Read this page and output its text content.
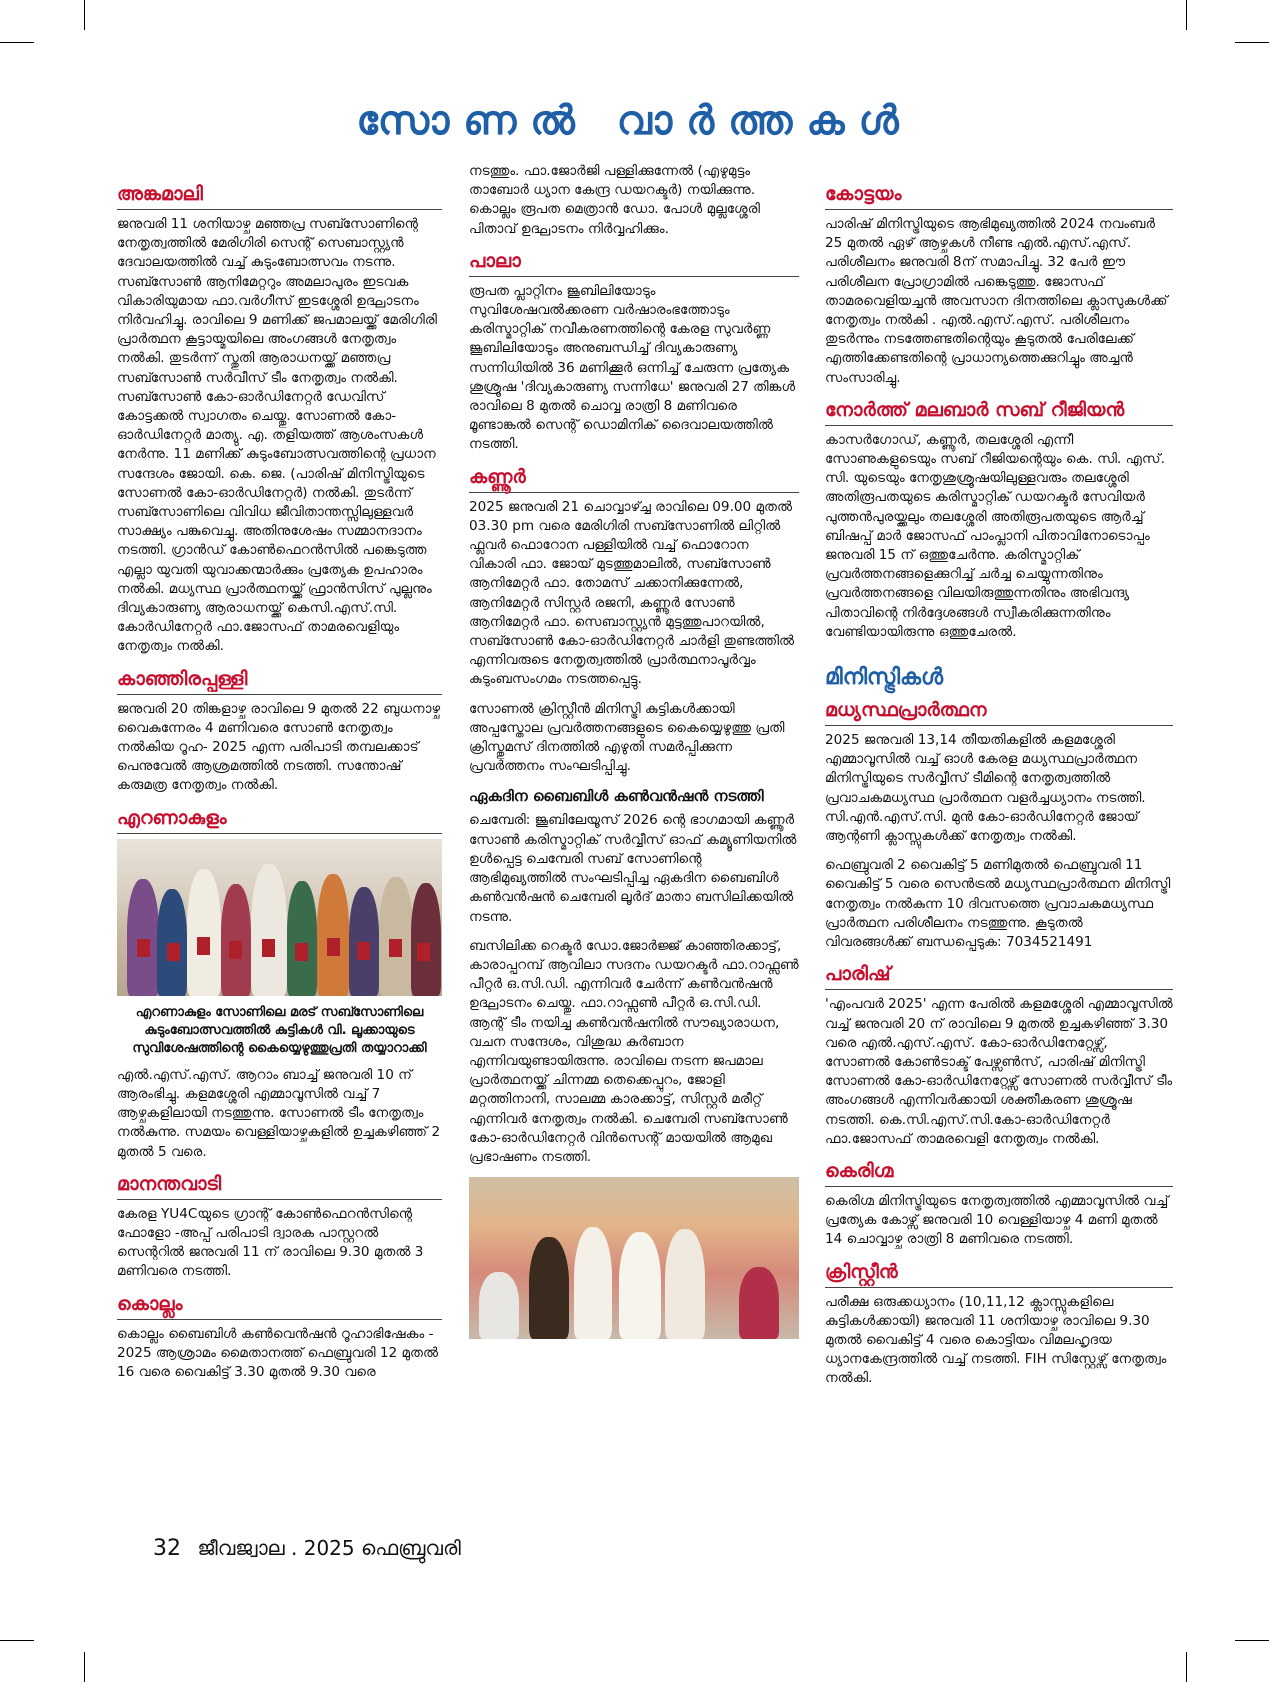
സോണൽ വാർത്തകൾ
അങ്കമാലി

ജനുവരി 11 ശനിയാഴ്ച മഞ്ഞപ്ര സബ്സോണിന്റെ നേതൃത്വത്തിൽ മേരിഗിരി സെന്റ് സെബാസ്റ്റ്യൻ ദേവാലയത്തിൽ വച്ച് കുടുംബോത്സവം നടന്നു. സബ്സോൺ ആനിമേറ്ററും അമലാപുരം ഇടവക വികാരിയുമായ ഫാ.വർഗീസ് ഇടശ്ശേരി ഉദ്ഘാടനം നിർവഹിച്ചു. രാവിലെ 9 മണിക്ക് ജപമാലയ്ക്ക് മേരിഗിരി പ്രാർത്ഥന കൂട്ടായ്മയിലെ അംഗങ്ങൾ നേതൃത്വം നൽകി. തുടർന്ന് സ്തുതി ആരാധനയ്ക്ക് മഞ്ഞപ്ര സബ്സോൺ സർവീസ് ടീം നേതൃത്വം നൽകി. സബ്സോൺ കോ-ഓർഡിനേറ്റർ ഡേവിസ് കോട്ടക്കൽ സ്വാഗതം ചെയ്തു. സോണൽ കോ-ഓർഡിനേറ്റർ മാത്യു. എ. തളിയത്ത് ആശംസകൾ നേർന്നു. 11 മണിക്ക് കുടുംബോത്സവത്തിന്റെ പ്രധാന സന്ദേശം ജോയി. കെ. ജെ. (പാരിഷ് മിനിസ്ട്രിയുടെ സോണൽ കോ-ഓർഡിനേറ്റർ) നൽകി. തുടർന്ന് സബ്സോണിലെ വിവിധ ജീവിതാന്തസ്സിലുള്ളവർ സാക്ഷ്യം പങ്കുവെച്ചു. അതിനുശേഷം സമ്മാനദാനം നടത്തി. ഗ്രാൻഡ് കോൺഫെറൻസിൽ പങ്കെടുത്ത എല്ലാ യുവതി യുവാക്കന്മാർക്കും പ്രത്യേക ഉപഹാരം നൽകി. മധ്യസ്ഥ പ്രാർത്ഥനയ്ക്ക് ഫ്രാൻസിസ് പുല്ലനും ദിവ്യകാരുണ്യ ആരാധനയ്ക്ക് കെസി.എസ്.സി. കോർഡിനേറ്റർ ഫാ.ജോസഫ് താമരവെളിയും നേതൃത്വം നൽകി.

കാഞ്ഞിരപ്പള്ളി

ജനുവരി 20 തിങ്കളാഴ്ച രാവിലെ 9 മുതൽ 22 ബുധനാഴ്ച വൈകുന്നേരം 4 മണിവരെ സോൺ നേതൃത്വം നൽകിയ റൂഹ- 2025 എന്ന പരിപാടി തമ്പലക്കാട് പെനുവേൽ ആശ്രമത്തിൽ നടത്തി. സന്തോഷ് കരുമത്ര നേതൃത്വം നൽകി.

എറണാകുളം
എറണാകുളം സോണിലെ മരട് സബ്സോണിലെ കുടുംബോത്സവത്തിൽ കുട്ടികൾ വി. ലൂക്കായുടെ സുവിശേഷത്തിന്റെ കൈയ്യെഴുത്തുപ്രതി തയ്യാറാക്കി

എൽ.എസ്.എസ്. ആറാം ബാച്ച് ജനുവരി 10 ന് ആരംഭിച്ചു. കളമശ്ശേരി എമ്മാവൂസിൽ വച്ച് 7 ആഴ്ചകളിലായി നടത്തുന്നു. സോണൽ ടീം നേതൃത്വം നൽകുന്നു. സമയം വെള്ളിയാഴ്ചകളിൽ ഉച്ചകഴിഞ്ഞ് 2 മുതൽ 5 വരെ.

മാനന്തവാടി

കേരള YU4Cയുടെ ഗ്രാന്റ് കോൺഫെറൻസിന്റെ ഫോളോ -അപ്പ് പരിപാടി ദ്വാരക പാസ്റ്ററൽ സെന്ററിൽ ജനുവരി 11 ന് രാവിലെ 9.30 മുതൽ 3 മണിവരെ നടത്തി.

കൊല്ലം

കൊല്ലം ബൈബിൾ കൺവെൻഷൻ റൂഹാഭിഷേകം - 2025 ആശ്രാമം മൈതാനത്ത് ഫെബ്രുവരി 12 മുതൽ 16 വരെ വൈകിട്ട് 3.30 മുതൽ 9.30 വരെ

നടത്തും. ഫാ.ജോർജി പള്ളിക്കുന്നേൽ (എഴുമുട്ടം താബോർ ധ്യാന കേന്ദ്ര ഡയറക്ടർ) നയിക്കുന്നു. കൊല്ലം രൂപത മെത്രാൻ ഡോ. പോൾ മുല്ലശ്ശേരി പിതാവ് ഉദ്ഘാടനം നിർവ്വഹിക്കും.

പാലാ

രൂപത പ്ലാറ്റിനം ജൂബിലിയോടും സുവിശേഷവൽക്കരണ വർഷാരംഭത്തോടും കരിസ്മാറ്റിക് നവീകരണത്തിന്റെ കേരള സുവർണ്ണ ജൂബിലിയോടും അനുബന്ധിച്ച് ദിവ്യകാരുണ്യ സന്നിധിയിൽ 36 മണിക്കൂർ ഒന്നിച്ച് ചേരുന്ന പ്രത്യേക ശുശ്രൂഷ 'ദിവ്യകാരുണ്യ സന്നിധേ' ജനുവരി 27 തിങ്കൾ രാവിലെ 8 മുതൽ ചൊവ്വ രാത്രി 8 മണിവരെ മൂണ്ടാങ്കൽ സെന്റ് ഡൊമിനിക് ദൈവാലയത്തിൽ നടത്തി.

കണ്ണൂർ

2025 ജനുവരി 21 ചൊവ്വാഴ്ച്ച രാവിലെ 09.00 മുതൽ 03.30 pm വരെ മേരിഗിരി സബ്സോണിൽ ലിറ്റിൽ ഫ്ലവർ ഫൊറോന പള്ളിയിൽ വച്ച് ഫൊറോന വികാരി ഫാ. ജോയ് മുടത്തുമാലിൽ, സബ്സോൺ ആനിമേറ്റർ ഫാ. തോമസ് ചക്കാനിക്കുന്നേൽ, ആനിമേറ്റർ സിസ്റ്റർ രജനി, കണ്ണൂർ സോൺ ആനിമേറ്റർ ഫാ. സെബാസ്റ്റ്യൻ മുട്ടത്തുപാറയിൽ, സബ്സോൺ കോ-ഓർഡിനേറ്റർ ചാർളി തുണ്ടത്തിൽ എന്നിവരുടെ നേതൃത്വത്തിൽ പ്രാർത്ഥനാപൂർവ്വം കുടുംബസംഗമം നടത്തപ്പെട്ടു.

സോണൽ ക്രിസ്റ്റീൻ മിനിസ്ട്രി കുട്ടികൾക്കായി അപ്പസ്തോല പ്രവർത്തനങ്ങളുടെ കൈയ്യെഴുത്തു പ്രതി ക്രിസ്തുമസ് ദിനത്തിൽ എഴുതി സമർപ്പിക്കുന്ന പ്രവർത്തനം സംഘടിപ്പിച്ചു.

ഏകദിന ബൈബിൾ കൺവൻഷൻ നടത്തി

ചെമ്പേരി: ജൂബിലേയൂസ് 2026 ന്റെ ഭാഗമായി കണ്ണൂർ സോൺ കരിസ്മാറ്റിക് സർവ്വീസ് ഓഫ് കമ്യൂണിയനിൽ ഉൾപ്പെട്ട ചെമ്പേരി സബ് സോണിന്റെ ആഭിമുഖ്യത്തിൽ സംഘടിപ്പിച്ച ഏകദിന ബൈബിൾ കൺവൻഷൻ ചെമ്പേരി ലൂർദ് മാതാ ബസിലിക്കയിൽ നടന്നു.

ബസിലിക്ക റെക്ടർ ഡോ.ജോർജ്ജ് കാഞ്ഞിരക്കാട്ട്, കാരാപ്പറമ്പ് ആവിലാ സദനം ഡയറക്ടർ ഫാ.റാഫ്സൺ പീറ്റർ ഒ.സി.ഡി. എന്നിവർ ചേർന്ന് കൺവൻഷൻ ഉദ്ഘാടനം ചെയ്തു. ഫാ.റാഫ്സൺ പീറ്റർ ഒ.സി.ഡി. ആന്റ് ടീം നയിച്ച കൺവൻഷനിൽ സൗഖ്യാരാധന, വചന സന്ദേശം, വിശുദ്ധ കുർബാന എന്നിവയുണ്ടായിരുന്നു. രാവിലെ നടന്ന ജപമാല പ്രാർത്ഥനയ്ക്ക് ചിന്നമ്മ തെക്കെപ്പുറം, ജോളി മറ്റത്തിനാനി, സാലമ്മ കാരക്കാട്ട്, സിസ്റ്റർ മരീറ്റ് എന്നിവർ നേതൃത്വം നൽകി. ചെമ്പേരി സബ്സോൺ കോ-ഓർഡിനേറ്റർ വിൻസെന്റ് മായയിൽ ആമുഖ പ്രഭാഷണം നടത്തി.

കോട്ടയം

പാരിഷ് മിനിസ്ട്രിയുടെ ആഭിമുഖ്യത്തിൽ 2024 നവംബർ 25 മുതൽ ഏഴ് ആഴ്ചകൾ നീണ്ട എൽ.എസ്.എസ്. പരിശീലനം ജനുവരി 8ന് സമാപിച്ചു. 32 പേർ ഈ പരിശീലന പ്രോഗ്രാമിൽ പങ്കെടുത്തു. ജോസഫ് താമരവെളിയച്ചൻ അവസാന ദിനത്തിലെ ക്ലാസുകൾക്ക് നേതൃത്വം നൽകി . എൽ.എസ്.എസ്. പരിശീലനം തുടർന്നും നടത്തേണ്ടതിന്റെയും കൂടുതൽ പേരിലേക്ക് എത്തിക്കേണ്ടതിന്റെ പ്രാധാന്യത്തെക്കുറിച്ചും അച്ചൻ സംസാരിച്ചു.

നോർത്ത് മലബാർ സബ് റീജിയൻ

കാസർഗോഡ്, കണ്ണൂർ, തലശ്ശേരി എന്നീ സോണുകളുടെയും സബ് റീജിയന്റെയും കെ. സി. എസ്. സി. യുടെയും നേതൃശുശ്രൂഷയിലുള്ളവരും തലശ്ശേരി അതിരൂപതയുടെ കരിസ്മാറ്റിക് ഡയറക്ടർ സേവിയർ പുത്തൻപുരയ്ക്കലും തലശ്ശേരി അതിരൂപതയുടെ ആർച്ച് ബിഷപ്പ് മാർ ജോസഫ് പാംപ്ലാനി പിതാവിനോടൊപ്പം ജനുവരി 15 ന് ഒത്തുചേർന്നു. കരിസ്മാറ്റിക് പ്രവർത്തനങ്ങളെക്കുറിച്ച് ചർച്ച ചെയ്യുന്നതിനും പ്രവർത്തനങ്ങളെ വിലയിരുത്തുന്നതിനും അഭിവന്ദ്യ പിതാവിന്റെ നിർദ്ദേശങ്ങൾ സ്വീകരിക്കുന്നതിനും വേണ്ടിയായിരുന്നു ഒത്തുചേരൽ.

മിനിസ്ട്രികൾ
മധ്യസ്ഥപ്രാർത്ഥന

2025 ജനുവരി 13,14 തീയതികളിൽ കളമശ്ശേരി എമ്മാവൂസിൽ വച്ച് ഓൾ കേരള മധ്യസ്ഥപ്രാർത്ഥന മിനിസ്ട്രിയുടെ സർവ്വീസ് ടീമിന്റെ നേതൃത്വത്തിൽ പ്രവാചകമധ്യസ്ഥ പ്രാർത്ഥന വളർച്ചധ്യാനം നടത്തി. സി.എൻ.എസ്.സി. മുൻ കോ-ഓർഡിനേറ്റർ ജോയ് ആന്റണി ക്ലാസ്സുകൾക്ക് നേതൃത്വം നൽകി.

ഫെബ്രുവരി 2 വൈകിട്ട് 5 മണിമുതൽ ഫെബ്രുവരി 11 വൈകിട്ട് 5 വരെ സെൻട്രൽ മധ്യസ്ഥപ്രാർത്ഥന മിനിസ്ട്രി നേതൃത്വം നൽകുന്ന 10 ദിവസത്തെ പ്രവാചകമധ്യസ്ഥ പ്രാർത്ഥന പരിശീലനം നടത്തുന്നു. കൂടുതൽ വിവരങ്ങൾക്ക് ബന്ധപ്പെടുക: 7034521491

പാരിഷ്

'എംപവർ 2025' എന്ന പേരിൽ കളമശ്ശേരി എമ്മാവൂസിൽ വച്ച് ജനുവരി 20 ന് രാവിലെ 9 മുതൽ ഉച്ചകഴിഞ്ഞ് 3.30 വരെ എൽ.എസ്.എസ്. കോ-ഓർഡിനേറ്റേഴ്സ്, സോണൽ കോൺടാക്ട് പേഴ്സൺസ്, പാരിഷ് മിനിസ്ട്രി സോണൽ കോ-ഓർഡിനേറ്റേഴ്സ് സോണൽ സർവ്വീസ് ടീം അംഗങ്ങൾ എന്നിവർക്കായി ശക്തീകരണ ശുശ്രൂഷ നടത്തി. കെ.സി.എസ്.സി.കോ-ഓർഡിനേറ്റർ ഫാ.ജോസഫ് താമരവെളി നേതൃത്വം നൽകി.

കെരിഗ്മ

കെരിഗ്മ മിനിസ്ട്രിയുടെ നേതൃത്വത്തിൽ എമ്മാവൂസിൽ വച്ച് പ്രത്യേക കോഴ്സ് ജനുവരി 10 വെള്ളിയാഴ്ച 4 മണി മുതൽ 14 ചൊവ്വാഴ്ച രാത്രി 8 മണിവരെ നടത്തി.

ക്രിസ്റ്റീൻ

പരീക്ഷ ഒരുക്കധ്യാനം (10,11,12 ക്ലാസ്സുകളിലെ കുട്ടികൾക്കായി) ജനുവരി 11 ശനിയാഴ്ച രാവിലെ 9.30 മുതൽ വൈകിട്ട് 4 വരെ കൊട്ടിയം വിമലഹൃദയ ധ്യാനകേന്ദ്രത്തിൽ വച്ച് നടത്തി. FIH സിസ്റ്റേഴ്സ് നേതൃത്വം നൽകി.

32 ജീവജ്വാല . 2025 ഫെബ്രുവരി
